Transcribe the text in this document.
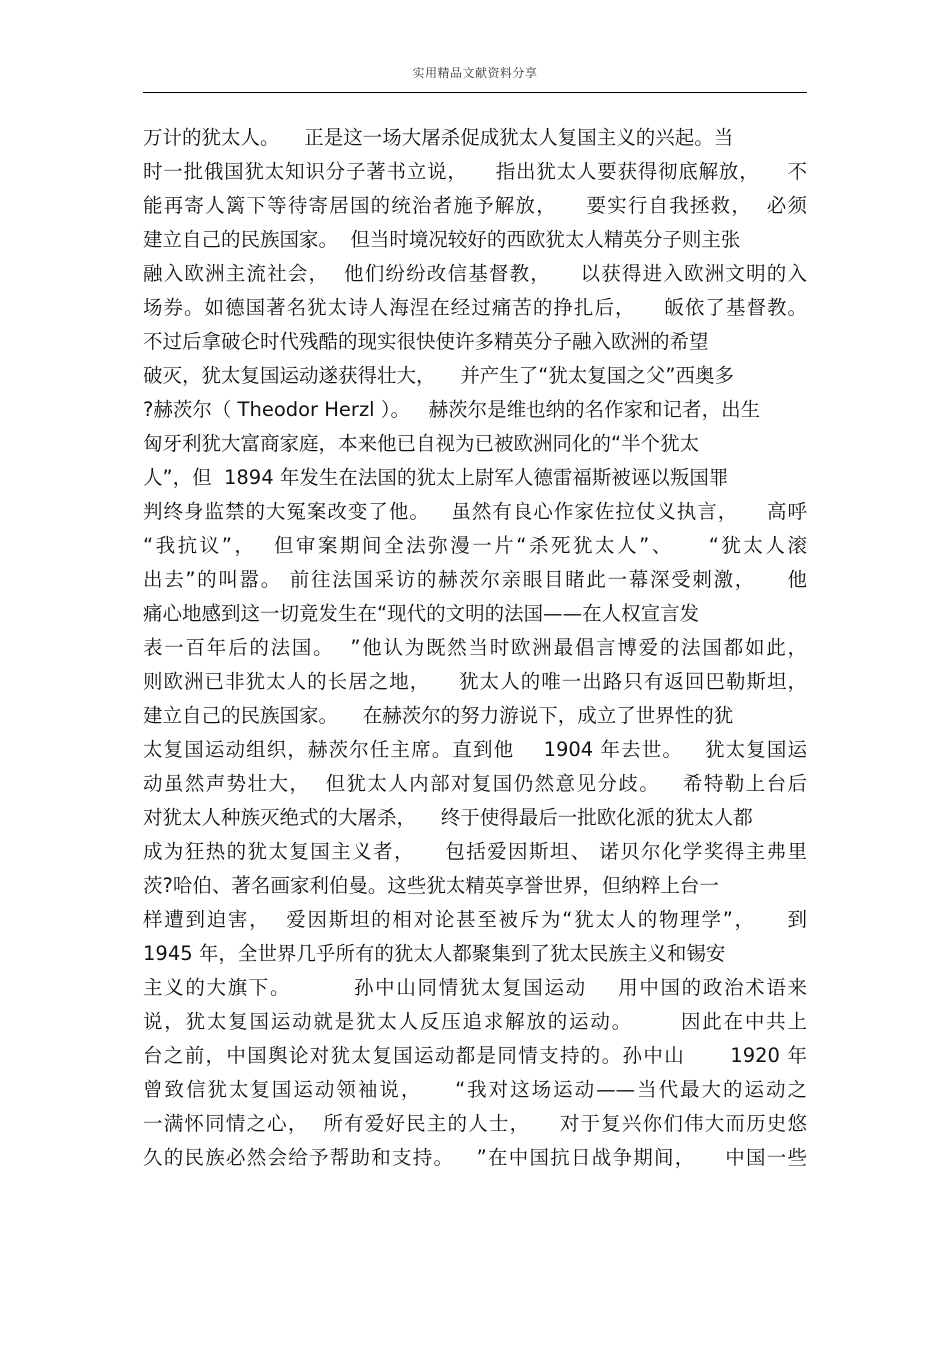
实用精品文献资料分享
万计的犹太人。    正是这一场大屠杀促成犹太人复国主义的兴起。当
时一批俄国犹太知识分子著书立说，    指出犹太人要获得彻底解放，    不
能再寄人篱下等待寄居国的统治者施予解放，    要实行自我拯救，  必须
建立自己的民族国家。  但当时境况较好的西欧犹太人精英分子则主张
融入欧洲主流社会，  他们纷纷改信基督教，    以获得进入欧洲文明的入
场券。如德国著名犹太诗人海涅在经过痛苦的挣扎后，    皈依了基督教。
不过后拿破仑时代残酷的现实很快使许多精英分子融入欧洲的希望
破灭，犹太复国运动遂获得壮大，    并产生了“犹太复国之父”西奥多
?赫茨尔（ Theodor Herzl ）。   赫茨尔是维也纳的名作家和记者，出生
匈牙利犹大富商家庭，本来他已自视为已被欧洲同化的“半个犹太
人”，但  1894 年发生在法国的犹太上尉军人德雷福斯被诬以叛国罪
判终身监禁的大冤案改变了他。   虽然有良心作家佐拉仗义执言，    高呼
“我抗议”，  但审案期间全法弥漫一片“杀死犹太人”、    “犹太人滚
出去”的叫嚣。 前往法国采访的赫茨尔亲眼目睹此一幕深受刺激，    他
痛心地感到这一切竟发生在“现代的文明的法国——在人权宣言发
表一百年后的法国。  ”他认为既然当时欧洲最倡言博爱的法国都如此，
则欧洲已非犹太人的长居之地，    犹太人的唯一出路只有返回巴勒斯坦，
建立自己的民族国家。    在赫茨尔的努力游说下，成立了世界性的犹
太复国运动组织，赫茨尔任主席。直到他    1904 年去世。   犹太复国运
动虽然声势壮大，  但犹太人内部对复国仍然意见分歧。   希特勒上台后
对犹太人种族灭绝式的大屠杀，    终于使得最后一批欧化派的犹太人都
成为狂热的犹太复国主义者，    包括爱因斯坦、 诺贝尔化学奖得主弗里
茨?哈伯、著名画家利伯曼。这些犹太精英享誉世界，但纳粹上台一
样遭到迫害，  爱因斯坦的相对论甚至被斥为“犹太人的物理学”，    到
1945 年，全世界几乎所有的犹太人都聚集到了犹太民族主义和锡安
主义的大旗下。        孙中山同情犹太复国运动    用中国的政治术语来
说，犹太复国运动就是犹太人反压追求解放的运动。      因此在中共上
台之前，中国舆论对犹太复国运动都是同情支持的。孙中山      1920 年
曾致信犹太复国运动领袖说，    “我对这场运动——当代最大的运动之
一满怀同情之心，  所有爱好民主的人士，    对于复兴你们伟大而历史悠
久的民族必然会给予帮助和支持。   ”在中国抗日战争期间，    中国一些
